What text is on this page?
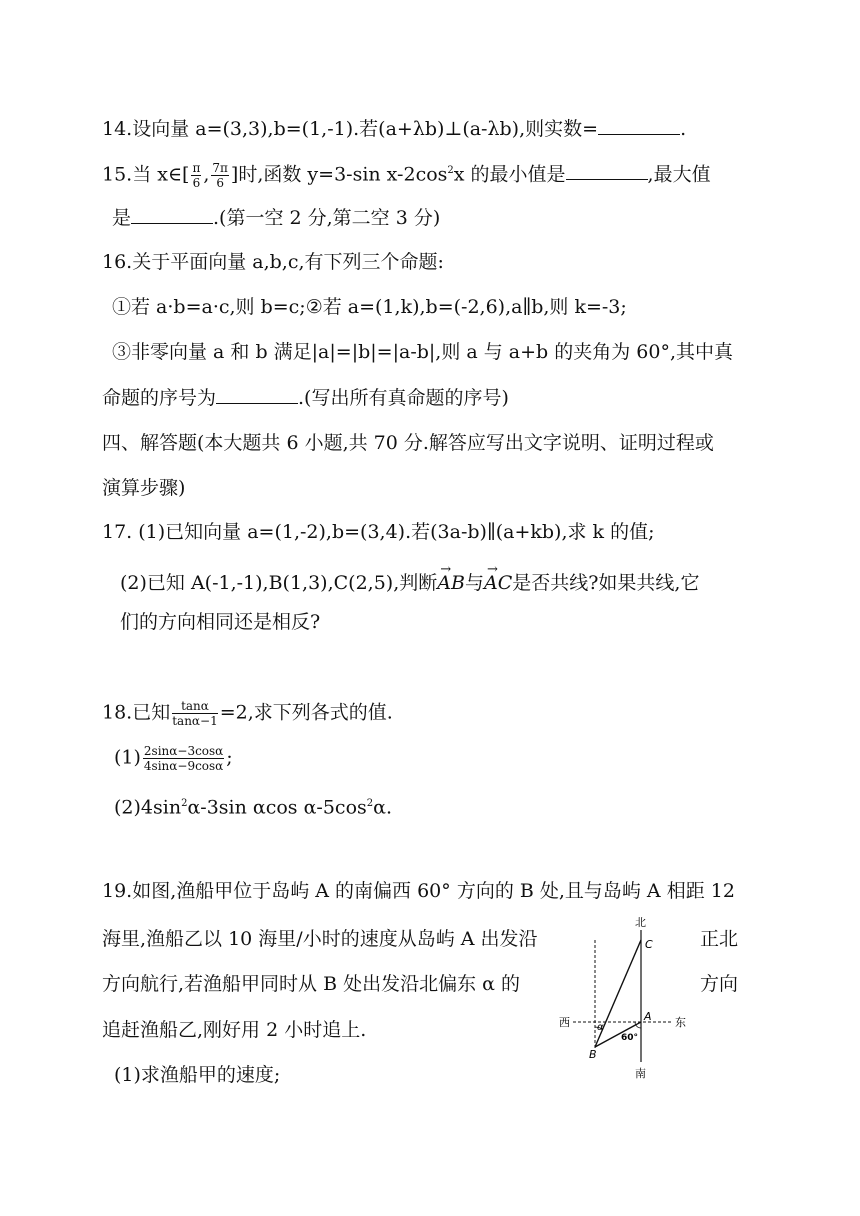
14.设向量 a=(3,3),b=(1,-1).若(a+λb)⊥(a-λb),则实数=	.
15.当 x∈[ $\frac{\pi}{6}$ , $\frac{7\pi}{6}$ ]时,函数 y=3-sin $x-2\cos^2x$ 的最小值是	,最大值
是	.(第一空 2 分,第二空 3 分)
16.关于平面向量 a,b,c,有下列三个命题:
①若 a·b=a·c,则 b=c;②若 a=(1,k),b=(-2,6),a∥b,则 k=-3;
③非零向量 a 和 b 满足|a|=|b|=|a-b|,则 a 与 a+b 的夹角为 60°,其中真
命题的序号为	.(写出所有真命题的序号)
四、解答题(本大题共 6 小题,共 70 分.解答应写出文字说明、证明过程或
演算步骤)
17. (1)已知向量 a=(1,-2),b=(3,4).若(3a-b)∥(a+kb),求 k 的值;
(2)已知 A(-1,-1),B(1,3),C(2,5),判断→ AB与→ AC是否共线?如果共线,它
们的方向相同还是相反?
18.已知 $\frac{\tan\alpha}{\tan\alpha-1} =2$,求下列各式的值.
$(1) \frac{2\sin\alpha-3\cos\alpha}{4\sin\alpha-9\cos\alpha}$ ;
$(2)4\sin^2\alpha-3\sin$ αcos $\alpha-5\cos^2\alpha$.
19.如图,渔船甲位于岛屿 A 的南偏西 60° 方向的 B 处,且与岛屿 A 相距 12
海里,渔船乙以 10 海里/小时的速度从岛屿 A 出发沿	正北
方向航行,若渔船甲同时从 B 处出发沿北偏东 α 的	方向
追赶渔船乙,刚好用 2 小时追上.
(1)求渔船甲的速度;
北
南
西	东
C
A
B
α
60°
